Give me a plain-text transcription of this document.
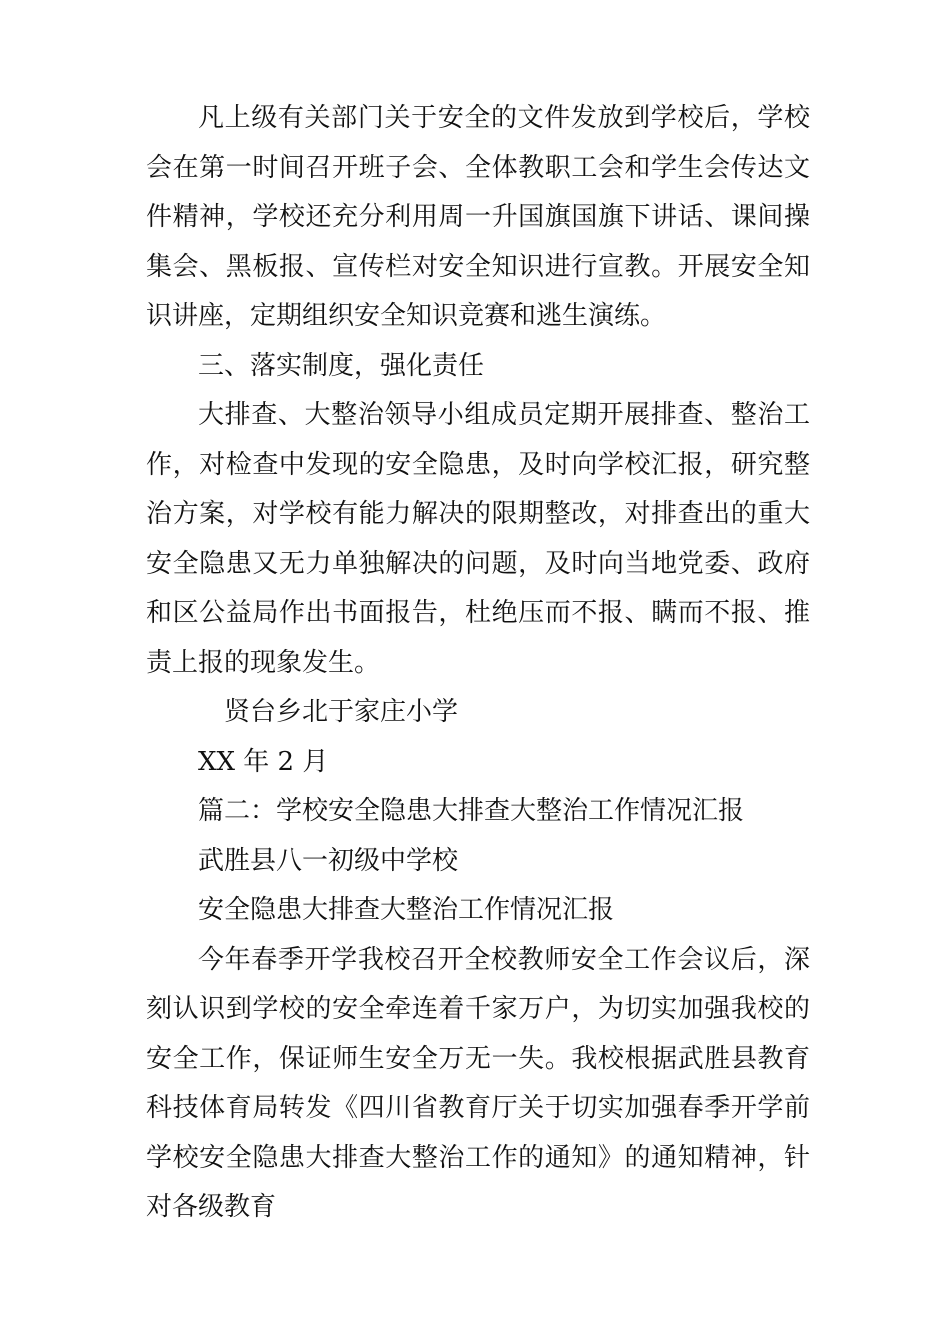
凡上级有关部门关于安全的文件发放到学校后，学校会在第一时间召开班子会、全体教职工会和学生会传达文件精神，学校还充分利用周一升国旗国旗下讲话、课间操集会、黑板报、宣传栏对安全知识进行宣教。开展安全知识讲座，定期组织安全知识竞赛和逃生演练。

三、落实制度，强化责任

大排查、大整治领导小组成员定期开展排查、整治工作，对检查中发现的安全隐患，及时向学校汇报，研究整治方案，对学校有能力解决的限期整改，对排查出的重大安全隐患又无力单独解决的问题，及时向当地党委、政府和区公益局作出书面报告，杜绝压而不报、瞒而不报、推责上报的现象发生。

贤台乡北于家庄小学
XX 年 2 月
篇二：学校安全隐患大排查大整治工作情况汇报
武胜县八一初级中学校
安全隐患大排查大整治工作情况汇报

今年春季开学我校召开全校教师安全工作会议后，深刻认识到学校的安全牵连着千家万户，为切实加强我校的安全工作，保证师生安全万无一失。我校根据武胜县教育科技体育局转发《四川省教育厅关于切实加强春季开学前学校安全隐患大排查大整治工作的通知》的通知精神，针对各级教育
